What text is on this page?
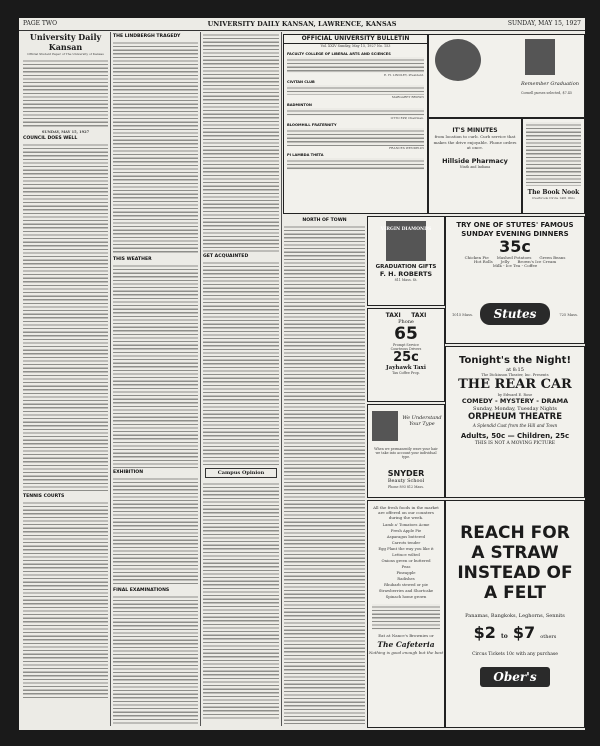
PAGE TWO	UNIVERSITY DAILY KANSAN, LAWRENCE, KANSAS	SUNDAY, MAY 15, 1927
University Daily Kansan
Official Student Paper of The University of Kansas
SUNDAY, MAY 15, 1927
COUNCIL DOES WELL
TENNIS COURTS
THE LINDBERGH TRAGEDY
THIS WEATHER
EXHIBITION
FINAL EXAMINATIONS
GET ACQUAINTED
Campus Opinion
OFFICIAL UNIVERSITY BULLETIN
Vol. XXIV Sunday, May 15, 1927 No. 153
FACULTY COLLEGE OF LIBERAL ARTS AND SCIENCES
E. H. LINDLEY, President.
CIVITAN CLUB
MARGARET BROWN
BADMINTON
OTTO EPP, Chairman.
BLOOMHILL FRATERNITY
FRANCES WENDELIN
PI LAMBDA THETA
NORTH OF TOWN
Remember Graduation
Cornell purses selected, $7.45
IT'S MINUTES
from location to curb. Curb service that makes the drive enjoyable. Phone orders at once.
Hillside Pharmacy
Ninth and Indiana
The Book Nook
Overbrook Circle 1401 Ohio
VIRGIN DIAMONDS
GRADUATION GIFTS
F. H. ROBERTS
811 Mass. St.
TAXI     TAXI
Phone
65
Prompt Service
Courteous Drivers
25c
Jayhawk Taxi
Tax Coffee Prop.
We Understand Your Type
When we permanently wave your hair we take into account your individual type.
SNYDER
Beauty School
Phone 893 812 Mass.
TRY ONE OF STUTES' FAMOUS SUNDAY EVENING DINNERS
35c
Chicken Pie Mashed Potatoes Green Beans
Hot Rolls Jelly Brown's Ice Cream
Milk - Ice Tea - Coffee
Stutes
1015 Mass.	725 Mass.
Tonight's the Night!
at 8:15
The Dickinson Theater, Inc. Presents
THE REAR CAR
by Edward E. Rose
COMEDY - MYSTERY - DRAMA
Sunday, Monday, Tuesday Nights
ORPHEUM THEATRE
A Splendid Cast from the Hill and Town
Adults, 50c — Children, 25c
THIS IS NOT A MOVING PICTURE
All the fresh foods in the market are offered on our counters during the week.
Lamb a' Tomatoes Acme
Fresh Apple Pie
Asparagus buttered
Carrots tender
Egg Plant the way you like it
Lettuce wilted
Onions green or buttered
Peas
Pineapple
Radishes
Rhubarb stewed or pie
Strawberries and Shortcake
Spinach home grown
Eat at Nance's Brownies or
The Cafeteria
Nothing is good enough but the best
REACH FOR A STRAW INSTEAD OF A FELT
Panamas, Bangkoks, Leghorns, Sennits
$2 to $7 others
Circus Tickets 10c with any purchase
Ober's
